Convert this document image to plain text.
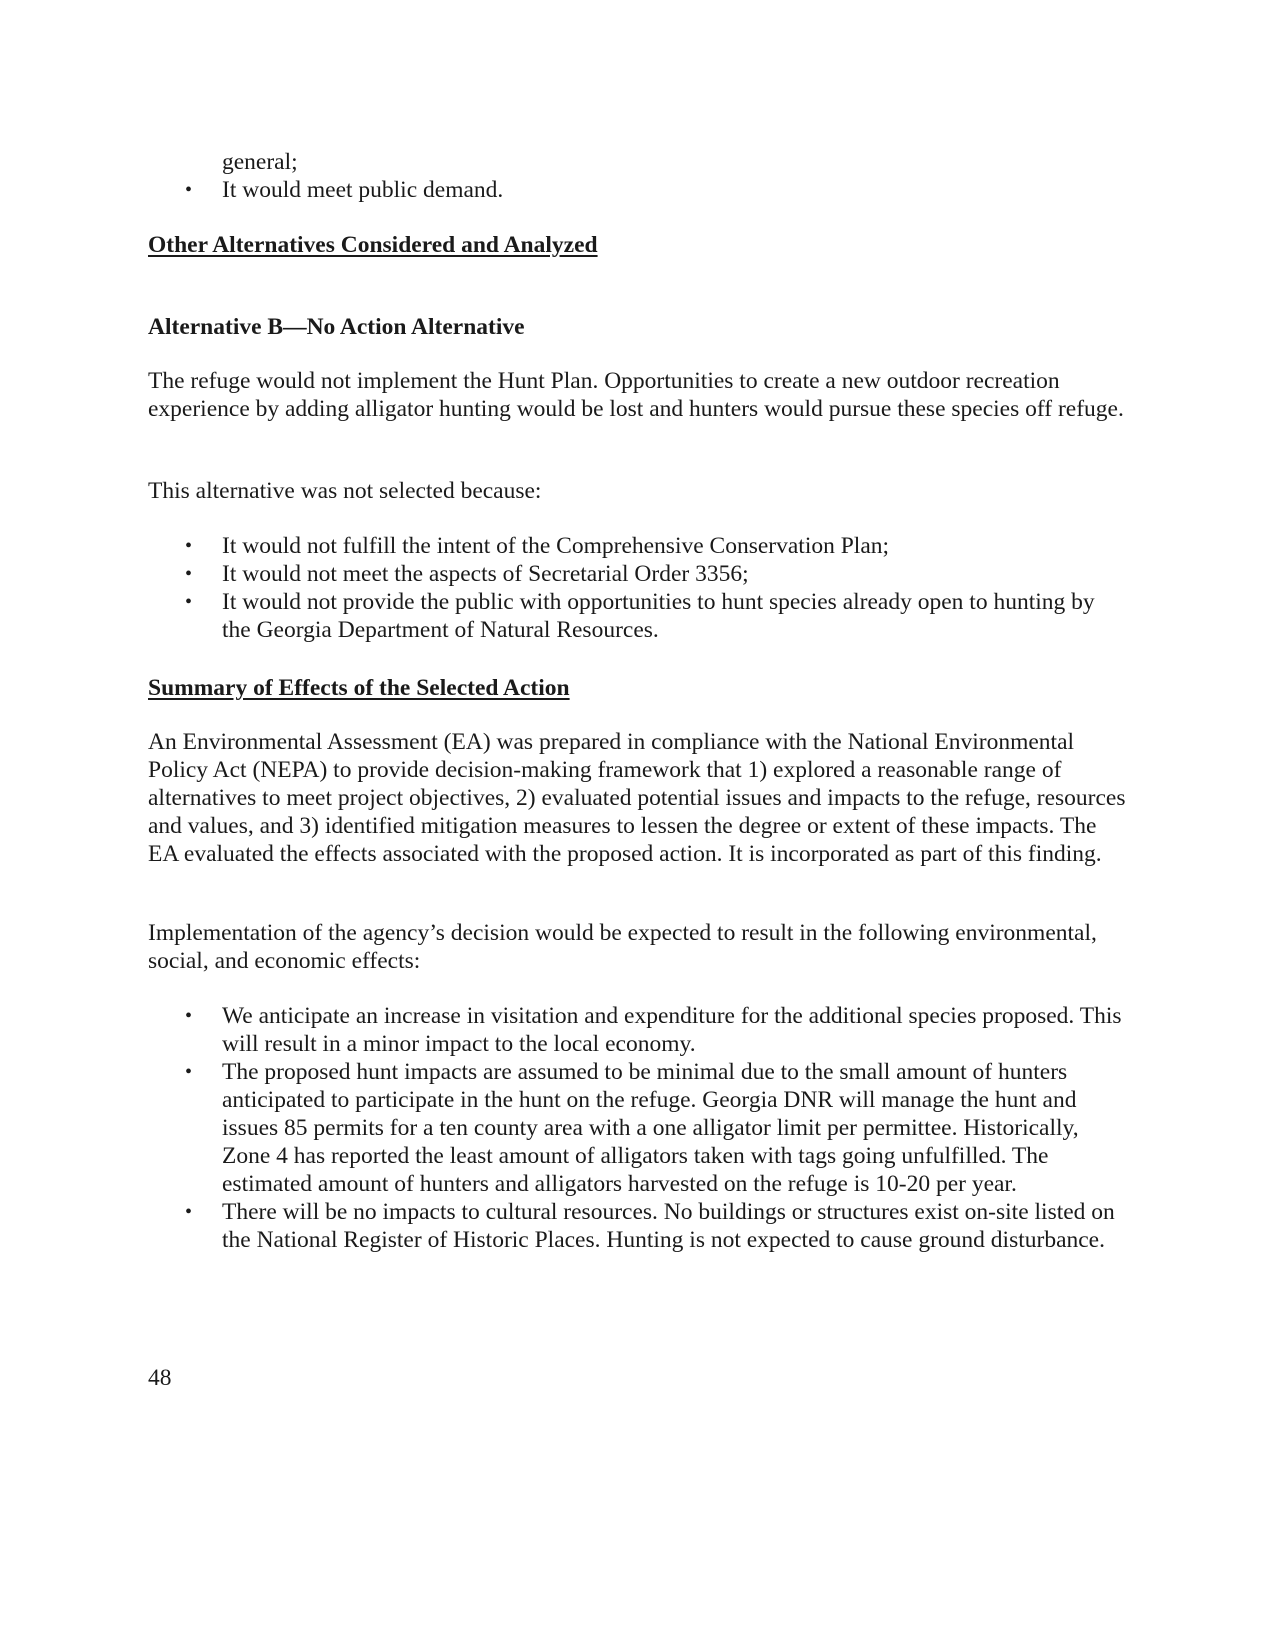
general;

• It would meet public demand.

Other Alternatives Considered and Analyzed

Alternative B—No Action Alternative

The refuge would not implement the Hunt Plan. Opportunities to create a new outdoor recreation experience by adding alligator hunting would be lost and hunters would pursue these species off refuge.

This alternative was not selected because:

• It would not fulfill the intent of the Comprehensive Conservation Plan;
• It would not meet the aspects of Secretarial Order 3356;
• It would not provide the public with opportunities to hunt species already open to hunting by the Georgia Department of Natural Resources.

Summary of Effects of the Selected Action

An Environmental Assessment (EA) was prepared in compliance with the National Environmental Policy Act (NEPA) to provide decision-making framework that 1) explored a reasonable range of alternatives to meet project objectives, 2) evaluated potential issues and impacts to the refuge, resources and values, and 3) identified mitigation measures to lessen the degree or extent of these impacts. The EA evaluated the effects associated with the proposed action. It is incorporated as part of this finding.

Implementation of the agency’s decision would be expected to result in the following environmental, social, and economic effects:

• We anticipate an increase in visitation and expenditure for the additional species proposed. This will result in a minor impact to the local economy.
• The proposed hunt impacts are assumed to be minimal due to the small amount of hunters anticipated to participate in the hunt on the refuge. Georgia DNR will manage the hunt and issues 85 permits for a ten county area with a one alligator limit per permittee. Historically, Zone 4 has reported the least amount of alligators taken with tags going unfulfilled. The estimated amount of hunters and alligators harvested on the refuge is 10-20 per year.
• There will be no impacts to cultural resources. No buildings or structures exist on-site listed on the National Register of Historic Places. Hunting is not expected to cause ground disturbance.

48
